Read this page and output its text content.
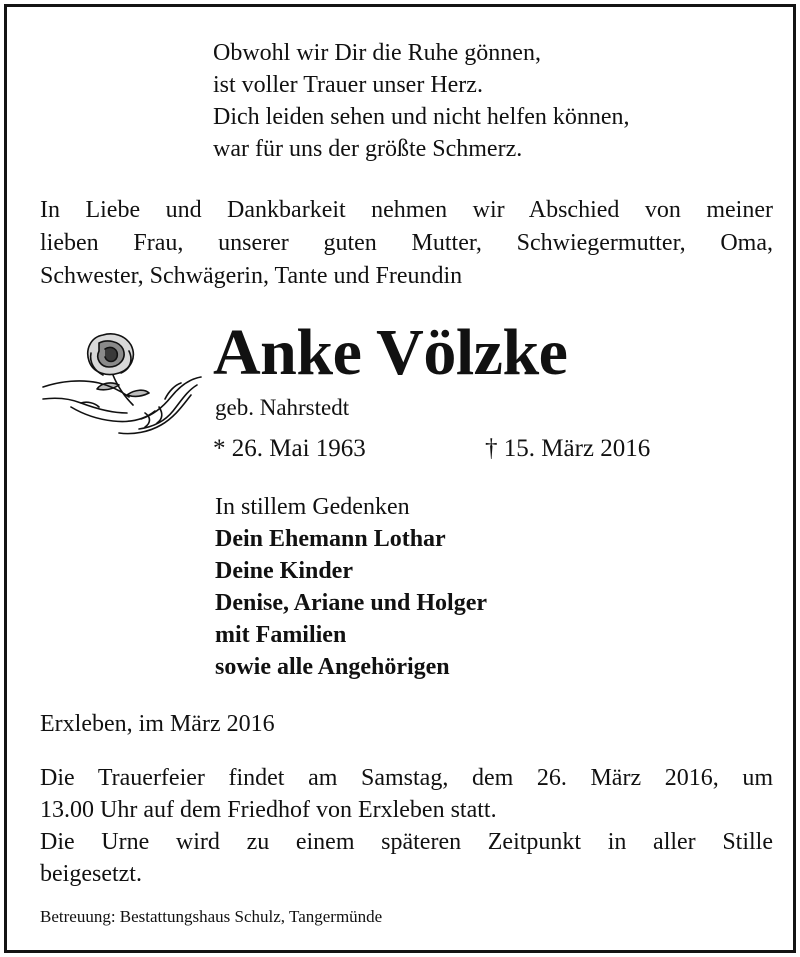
Obwohl wir Dir die Ruhe gönnen,
ist voller Trauer unser Herz.
Dich leiden sehen und nicht helfen können,
war für uns der größte Schmerz.
In Liebe und Dankbarkeit nehmen wir Abschied von meiner
lieben Frau, unserer guten Mutter, Schwiegermutter, Oma,
Schwester, Schwägerin, Tante und Freundin
Anke Völzke
geb. Nahrstedt
* 26. Mai 1963	† 15. März 2016
In stillem Gedenken
Dein Ehemann Lothar
Deine Kinder
Denise, Ariane und Holger
mit Familien
sowie alle Angehörigen
Erxleben, im März 2016
Die Trauerfeier findet am Samstag, dem 26. März 2016, um
13.00 Uhr auf dem Friedhof von Erxleben statt.
Die Urne wird zu einem späteren Zeitpunkt in aller Stille
beigesetzt.
Betreuung: Bestattungshaus Schulz, Tangermünde
